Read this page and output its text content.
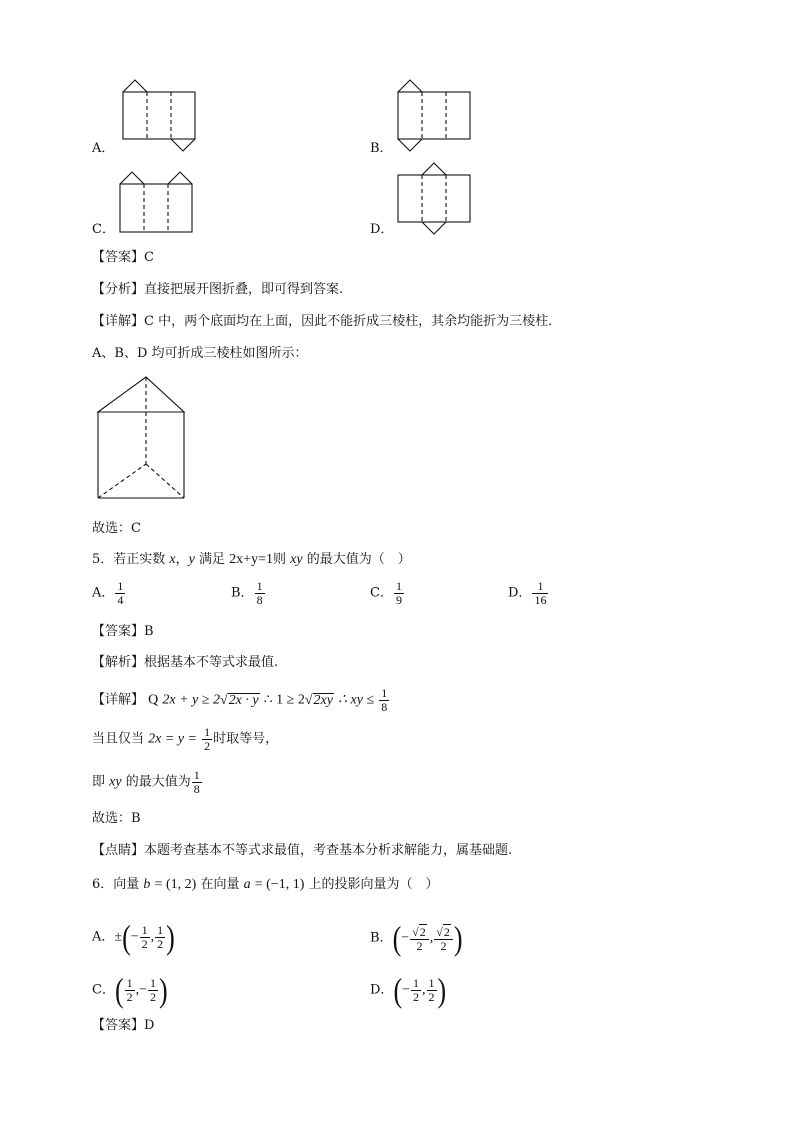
A．	B．
C．	D．
【答案】C
【分析】直接把展开图折叠，即可得到答案.
【详解】C 中，两个底面均在上面，因此不能折成三棱柱，其余均能折为三棱柱．
A、B、D 均可折成三棱柱如图所示：
故选：C
5．若正实数 x，y 满足 2x+y=1则 xy 的最大值为（　）
A． $\frac{1}{4}$	B． $\frac{1}{8}$	C． $\frac{1}{9}$	D． $\frac{1}{16}$
【答案】B
【解析】根据基本不等式求最值.
【详解】 Q 2x + y ≥ 2√2x · y ∴ 1 ≥ 2√2xy ∴ xy ≤ $\frac{1}{8}$
当且仅当 $2x = y = \frac{1}{2}$ 时取等号，
即 xy 的最大值为 $\frac{1}{8}$
故选：B
【点睛】本题考查基本不等式求最值，考查基本分析求解能力，属基础题.
6．向量 b = (1, 2) 在向量 a = (−1, 1) 上的投影向量为（　）
A．±(− $\frac{1}{2}$ , $\frac{1}{2}$ )	B．(− $\frac{√2}{2}$ , $\frac{√2}{2}$ )
C．( $\frac{1}{2}$ ,− $\frac{1}{2}$ )	D．(− $\frac{1}{2}$ , $\frac{1}{2}$ )
【答案】D
